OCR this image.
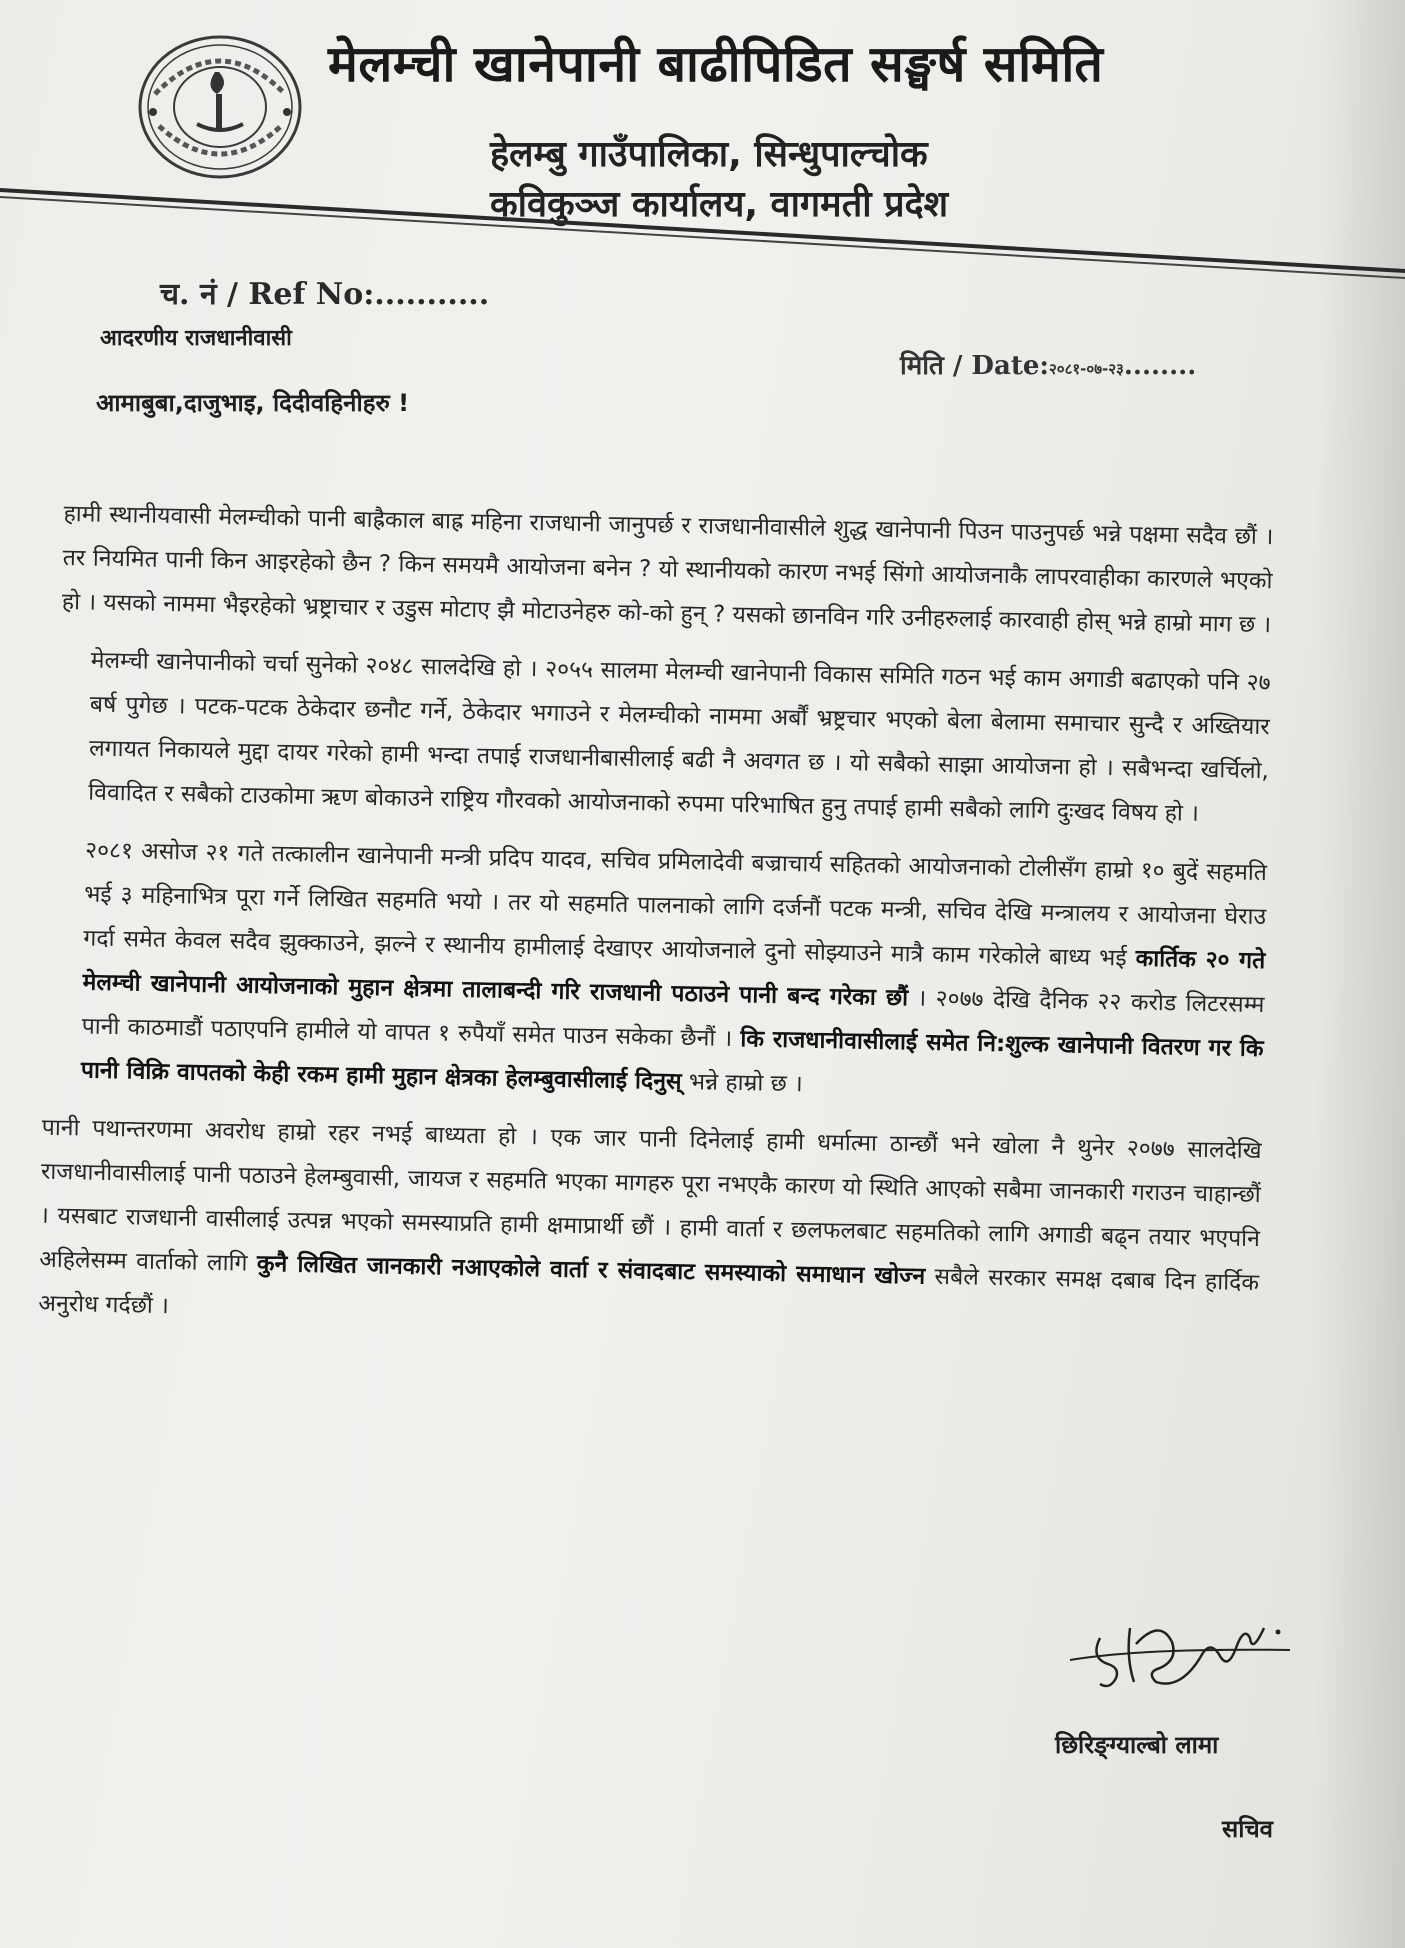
मेलम्ची खानेपानी बाढीपिडित सङ्घर्ष समिति
हेलम्बु गाउँपालिका, सिन्धुपाल्चोक
कविकुञ्ज कार्यालय, वागमती प्रदेश
च. नं / Ref No:...........
मिति / Date:२०८१-०७-२३........
आदरणीय राजधानीवासी
आमाबुबा,दाजुभाइ, दिदीवहिनीहरु !

हामी स्थानीयवासी मेलम्चीको पानी बाह्रैकाल बाह्र महिना राजधानी जानुपर्छ र राजधानीवासीले शुद्ध खानेपानी पिउन पाउनुपर्छ भन्ने पक्षमा सदैव छौं । तर नियमित पानी किन आइरहेको छैन ? किन समयमै आयोजना बनेन ? यो स्थानीयको कारण नभई सिंगो आयोजनाकै लापरवाहीका कारणले भएको हो । यसको नाममा भैइरहेको भ्रष्ट्राचार र उडुस मोटाए झै मोटाउनेहरु को-को हुन् ? यसको छानविन गरि उनीहरुलाई कारवाही होस् भन्ने हाम्रो माग छ ।

मेलम्ची खानेपानीको चर्चा सुनेको २०४८ सालदेखि हो । २०५५ सालमा मेलम्ची खानेपानी विकास समिति गठन भई काम अगाडी बढाएको पनि २७ बर्ष पुगेछ । पटक-पटक ठेकेदार छनौट गर्ने, ठेकेदार भगाउने र मेलम्चीको नाममा अर्बौं भ्रष्ट्रचार भएको बेला बेलामा समाचार सुन्दै र अख्तियार लगायत निकायले मुद्दा दायर गरेको हामी भन्दा तपाई राजधानीबासीलाई बढी नै अवगत छ । यो सबैको साझा आयोजना हो । सबैभन्दा खर्चिलो, विवादित र सबैको टाउकोमा ऋण बोकाउने राष्ट्रिय गौरवको आयोजनाको रुपमा परिभाषित हुनु तपाई हामी सबैको लागि दुःखद विषय हो ।

२०८१ असोज २१ गते तत्कालीन खानेपानी मन्त्री प्रदिप यादव, सचिव प्रमिलादेवी बज्राचार्य सहितको आयोजनाको टोलीसँग हाम्रो १० बुदें सहमति भई ३ महिनाभित्र पूरा गर्ने लिखित सहमति भयो । तर यो सहमति पालनाको लागि दर्जनौं पटक मन्त्री, सचिव देखि मन्त्रालय र आयोजना घेराउ गर्दा समेत केवल सदैव झुक्काउने, झल्ने र स्थानीय हामीलाई देखाएर आयोजनाले दुनो सोझ्याउने मात्रै काम गरेकोले बाध्य भई कार्तिक २० गते मेलम्ची खानेपानी आयोजनाको मुहान क्षेत्रमा तालाबन्दी गरि राजधानी पठाउने पानी बन्द गरेका छौं । २०७७ देखि दैनिक २२ करोड लिटरसम्म पानी काठमाडौं पठाएपनि हामीले यो वापत १ रुपैयाँ समेत पाउन सकेका छैनौं । कि राजधानीवासीलाई समेत नि:शुल्क खानेपानी वितरण गर कि पानी विक्रि वापतको केही रकम हामी मुहान क्षेत्रका हेलम्बुवासीलाई दिनुस् भन्ने हाम्रो छ ।

पानी पथान्तरणमा अवरोध हाम्रो रहर नभई बाध्यता हो । एक जार पानी दिनेलाई हामी धर्मात्मा ठान्छौं भने खोला नै थुनेर २०७७ सालदेखि राजधानीवासीलाई पानी पठाउने हेलम्बुवासी, जायज र सहमति भएका मागहरु पूरा नभएकै कारण यो स्थिति आएको सबैमा जानकारी गराउन चाहान्छौं । यसबाट राजधानी वासीलाई उत्पन्न भएको समस्याप्रति हामी क्षमाप्रार्थी छौं । हामी वार्ता र छलफलबाट सहमतिको लागि अगाडी बढ्न तयार भएपनि अहिलेसम्म वार्ताको लागि कुनै लिखित जानकारी नआएकोले वार्ता र संवादबाट समस्याको समाधान खोज्न सबैले सरकार समक्ष दबाब दिन हार्दिक अनुरोध गर्दछौं ।

छिरिङ्ग्याल्बो लामा
सचिव
